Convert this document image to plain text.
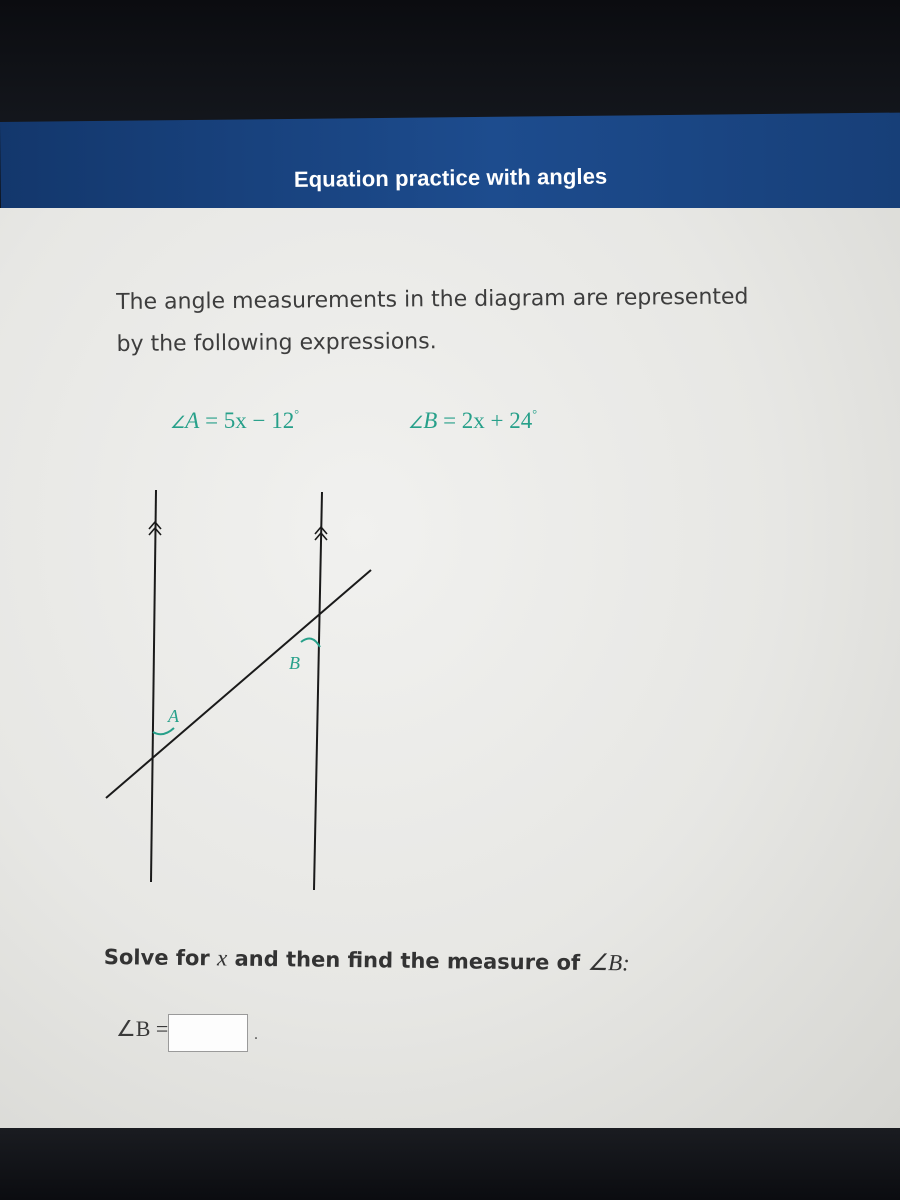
Equation practice with angles
The angle measurements in the diagram are represented
by the following expressions.
∠A = 5x − 12°	∠B = 2x + 24°
A
B
Solve for x and then find the measure of ∠B:
∠B =	.
